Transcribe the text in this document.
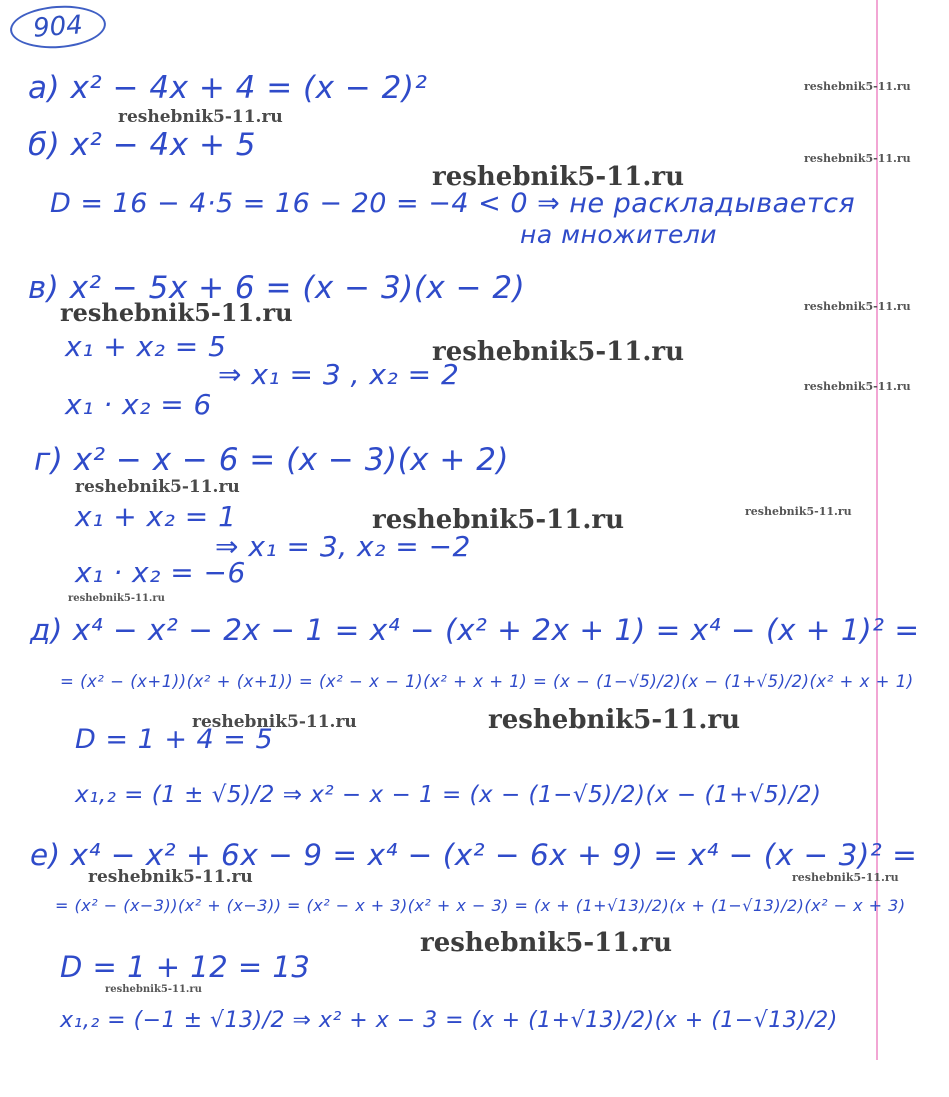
904
а) x² − 4x + 4 = (x − 2)²
б) x² − 4x + 5
D = 16 − 4·5 = 16 − 20 = −4 < 0 ⇒ не раскладывается
на множители
в) x² − 5x + 6 = (x − 3)(x − 2)
x₁ + x₂ = 5
⇒ x₁ = 3 , x₂ = 2
x₁ · x₂ = 6
г) x² − x − 6 = (x − 3)(x + 2)
x₁ + x₂ = 1
⇒ x₁ = 3, x₂ = −2
x₁ · x₂ = −6
д) x⁴ − x² − 2x − 1 = x⁴ − (x² + 2x + 1) = x⁴ − (x + 1)² =
= (x² − (x+1))(x² + (x+1)) = (x² − x − 1)(x² + x + 1) = (x − (1−√5)/2)(x − (1+√5)/2)(x² + x + 1)
D = 1 + 4 = 5
x₁,₂ = (1 ± √5)/2 ⇒ x² − x − 1 = (x − (1−√5)/2)(x − (1+√5)/2)
е) x⁴ − x² + 6x − 9 = x⁴ − (x² − 6x + 9) = x⁴ − (x − 3)² =
= (x² − (x−3))(x² + (x−3)) = (x² − x + 3)(x² + x − 3) = (x + (1+√13)/2)(x + (1−√13)/2)(x² − x + 3)
D = 1 + 12 = 13
x₁,₂ = (−1 ± √13)/2 ⇒ x² + x − 3 = (x + (1+√13)/2)(x + (1−√13)/2)
reshebnik5-11.ru
reshebnik5-11.ru
reshebnik5-11.ru
reshebnik5-11.ru
reshebnik5-11.ru
reshebnik5-11.ru
reshebnik5-11.ru
reshebnik5-11.ru
reshebnik5-11.ru
reshebnik5-11.ru
reshebnik5-11.ru
reshebnik5-11.ru
reshebnik5-11.ru	reshebnik5-11.ru
reshebnik5-11.ru
reshebnik5-11.ru
reshebnik5-11.ru
reshebnik5-11.ru
